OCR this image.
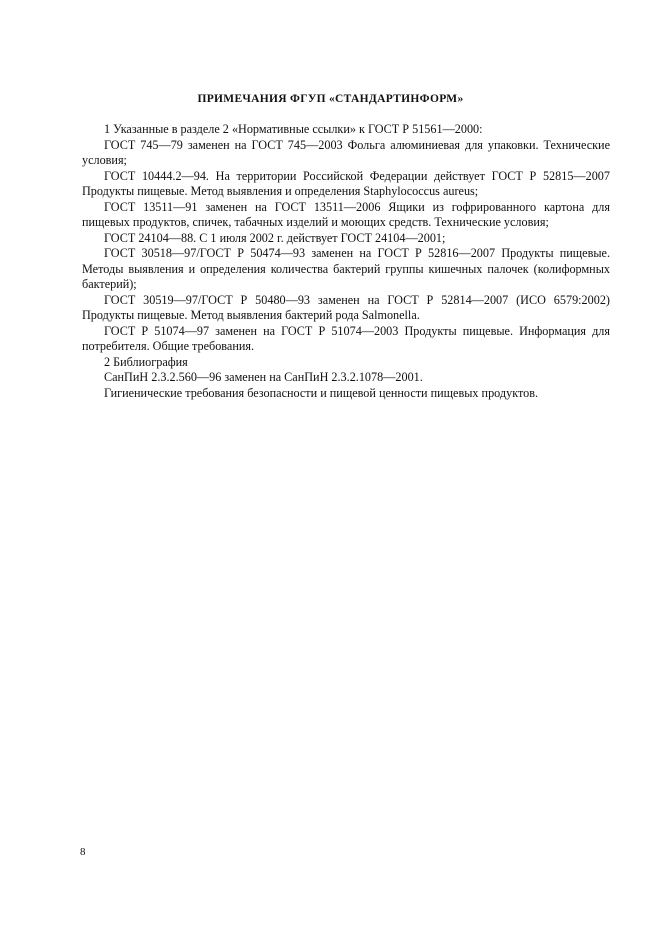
ПРИМЕЧАНИЯ ФГУП «СТАНДАРТИНФОРМ»

1 Указанные в разделе 2 «Нормативные ссылки» к ГОСТ Р 51561—2000:

ГОСТ 745—79 заменен на ГОСТ 745—2003 Фольга алюминиевая для упаковки. Технические условия;

ГОСТ 10444.2—94. На территории Российской Федерации действует ГОСТ Р 52815—2007 Продукты пищевые. Метод выявления и определения Staphylococcus aureus;

ГОСТ 13511—91 заменен на ГОСТ 13511—2006 Ящики из гофрированного картона для пищевых продуктов, спичек, табачных изделий и моющих средств. Технические условия;

ГОСТ 24104—88. С 1 июля 2002 г. действует ГОСТ 24104—2001;

ГОСТ 30518—97/ГОСТ Р 50474—93 заменен на ГОСТ Р 52816—2007 Продукты пищевые. Методы выявления и определения количества бактерий группы кишечных палочек (колиформных бактерий);

ГОСТ 30519—97/ГОСТ Р 50480—93 заменен на ГОСТ Р 52814—2007 (ИСО 6579:2002) Продукты пищевые. Метод выявления бактерий рода Salmonella.

ГОСТ Р 51074—97 заменен на ГОСТ Р 51074—2003 Продукты пищевые. Информация для потребителя. Общие требования.

2 Библиография

СанПиН 2.3.2.560—96 заменен на СанПиН 2.3.2.1078—2001.

Гигиенические требования безопасности и пищевой ценности пищевых продуктов.

8
